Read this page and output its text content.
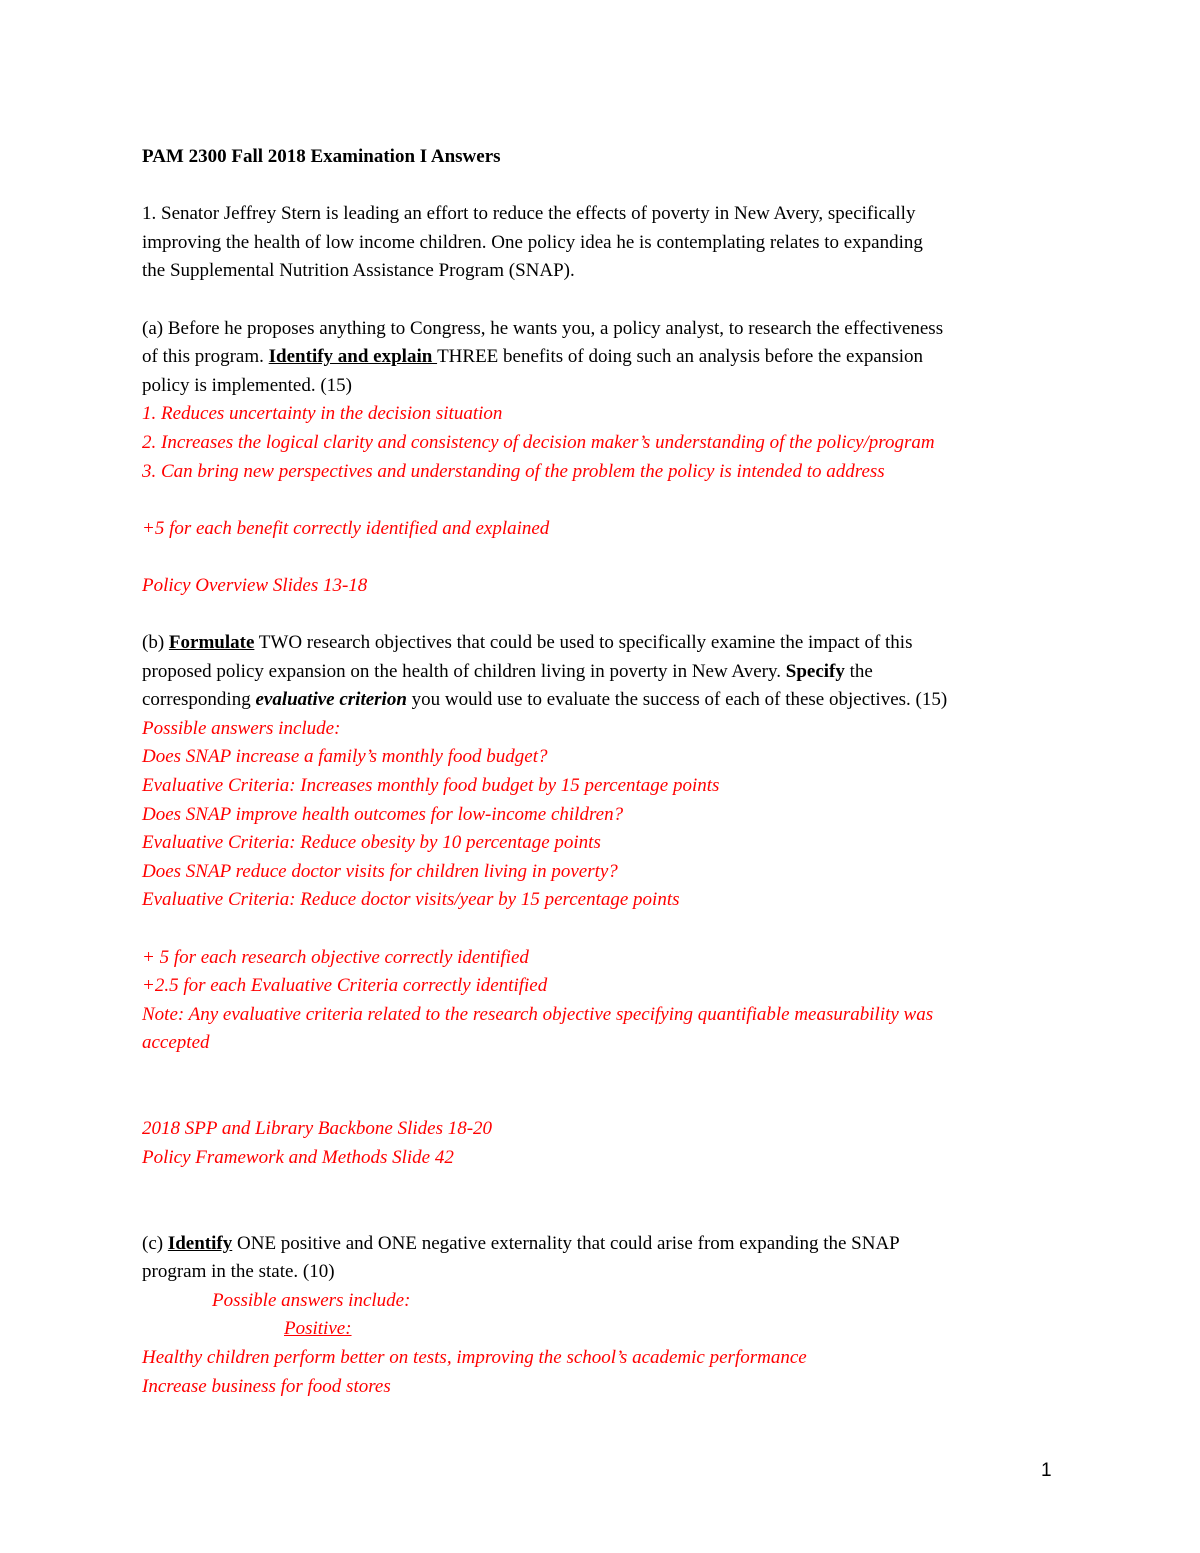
PAM 2300 Fall 2018 Examination I Answers
1. Senator Jeffrey Stern is leading an effort to reduce the effects of poverty in New Avery, specifically
improving the health of low income children. One policy idea he is contemplating relates to expanding
the Supplemental Nutrition Assistance Program (SNAP).
(a) Before he proposes anything to Congress, he wants you, a policy analyst, to research the effectiveness
of this program. Identify and explain THREE benefits of doing such an analysis before the expansion
policy is implemented. (15)
1. Reduces uncertainty in the decision situation
2. Increases the logical clarity and consistency of decision maker’s understanding of the policy/program
3. Can bring new perspectives and understanding of the problem the policy is intended to address
+5 for each benefit correctly identified and explained
Policy Overview Slides 13-18
(b) Formulate TWO research objectives that could be used to specifically examine the impact of this
proposed policy expansion on the health of children living in poverty in New Avery. Specify the
corresponding evaluative criterion you would use to evaluate the success of each of these objectives. (15)
Possible answers include:
Does SNAP increase a family’s monthly food budget?
Evaluative Criteria: Increases monthly food budget by 15 percentage points
Does SNAP improve health outcomes for low-income children?
Evaluative Criteria: Reduce obesity by 10 percentage points
Does SNAP reduce doctor visits for children living in poverty?
Evaluative Criteria: Reduce doctor visits/year by 15 percentage points
+ 5 for each research objective correctly identified
+2.5 for each Evaluative Criteria correctly identified
Note: Any evaluative criteria related to the research objective specifying quantifiable measurability was
accepted
2018 SPP and Library Backbone Slides 18-20
Policy Framework and Methods Slide 42
(c) Identify ONE positive and ONE negative externality that could arise from expanding the SNAP
program in the state. (10)
Possible answers include:
Positive:
Healthy children perform better on tests, improving the school’s academic performance
Increase business for food stores
1
